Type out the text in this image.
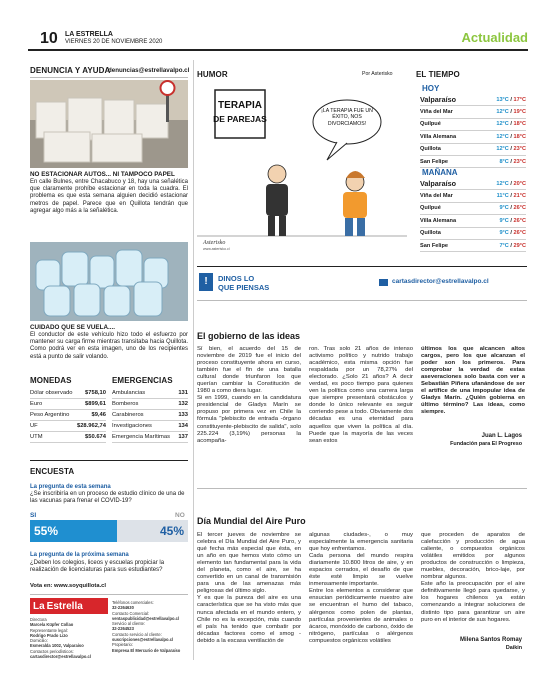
10 LA ESTRELLA
VIERNES 20 DE NOVIEMBRE 2020	Actualidad
DENUNCIA Y AYUDA
denuncias@estrellavalpo.cl
NO ESTACIONAR AUTOS... NI TAMPOCO PAPEL
En calle Bulnes, entre Chacabuco y 18, hay una señalética que claramente prohíbe estacionar en toda la cuadra. El problema es que esta semana alguien decidió estacionar metros de papel. Parece que en Quillota tendrán que agregar algo más a la señalética.
CUIDADO QUE SE VUELA....
El conductor de este vehículo hizo todo el esfuerzo por mantener su carga firme mientras transitaba hacia Quillota. Como podrá ver en esta imagen, uno de los recipientes está a punto de salir volando.
MONEDAS
Dólar observado $758,10
Euro	$899,61
Peso Argentino	$9,46
UF	$28.962,74
UTM	$50.674
EMERGENCIAS
Ambulancias	131
Bomberos	132
Carabineros	133
Investigaciones	134
Emergencia Marítimas 137
ENCUESTA
La pregunta de esta semana
¿Se inscribiría en un proceso de estudio clínico de una de las vacunas para frenar el COVID-19?
SI	NO
55%	45%
La pregunta de la próxima semana
¿Deben los colegios, liceos y escuelas propiciar la realización de licenciaturas para sus estudiantes?
Vota en: www.soyquillota.cl
La Estrella
Directora
Marcela Küpfer Collao
Representante legal:
Rodrigo Prado Lizo
Domicilio:
Esmeralda 1002, Valparaíso
Contactos periodísticos:
cartasdirector@estrellavalpo.cl
Teléfonos comerciales:
32-2264630
Contacto Comercial:
ventaspublicidad@estrellavalpo.cl
Servicio al cliente:
32-2264523
Contacto servicio al cliente:
suscripciones@estrellavalpo.cl
Propietario:
Empresa El Mercurio de Valparaíso
HUMOR	Por Asterisko
TERAPIA
DE PAREJAS
¡LA TERAPIA FUE UN ÉXITO, NOS DIVORCIAMOS!
Asterisko
www.asterisko.cl
EL TIEMPO
HOY
Valparaíso	13°C / 17°C
Viña del Mar	12°C / 19°C
Quilpué	12°C / 18°C
Villa Alemana	12°C / 18°C
Quillota	12°C / 23°C
San Felipe	8°C / 23°C
MAÑANA
Valparaíso	12°C / 20°C
Viña del Mar	11°C / 21°C
Quilpué	9°C / 26°C
Villa Alemana	9°C / 26°C
Quillota	9°C / 26°C
San Felipe	7°C / 29°C
!	DINOS LO
QUE PIENSAS
cartasdirector@estrellavalpo.cl
El gobierno de las ideas
Sí bien, el acuerdo del 15 de noviembre de 2019 fue el inicio del proceso constituyente ahora en curso, también fue el fin de una batalla cultural donde triunfaron los que querían cambiar la Constitución de 1980 a como diera lugar.
Si en 1999, cuando en la candidatura presidencial de Gladys Marín se propuso por primera vez en Chile la fórmula "plebiscito de entrada -órgano constituyente-plebiscito de salida", solo 225.224 (3,19%) personas la acompaña-
ron. Tras solo 21 años de intenso activismo político y nutrido trabajo académico, esta misma opción fue respaldada por un 78,27% del electorado. ¿Solo 21 años? A decir verdad, es poco tiempo para quienes ven la política como una carrera larga que siempre presentará obstáculos y donde lo único relevante es seguir corriendo pese a todo. Obviamente dos décadas es una eternidad para aquellos que viven la política al día. Puede que la mayoría de las veces sean estos
últimos los que alcancen altos cargos, pero los que alcanzan el poder son los primeros. Para comprobar la verdad de estas aseveraciones solo basta con ver a Sebastián Piñera ufanándose de ser el artífice de una impopular idea de Gladys Marín. ¿Quién gobierna en último término? Las ideas, como siempre.
Juan L. Lagos
Fundación para El Progreso
Día Mundial del Aire Puro
El tercer jueves de noviembre se celebra el Día Mundial del Aire Puro, y qué fecha más especial que ésta, en un año en que hemos visto cómo un elemento tan fundamental para la vida del planeta, como el aire, se ha convertido en un canal de transmisión para una de las amenazas más peligrosas del último siglo.
Y es que la pureza del aire es una característica que se ha visto más que nunca afectada en el mundo entero, y Chile no es la excepción, más cuando el país ha tenido que combatir por décadas factores como el smog -debido a la escasa ventilación de
algunas ciudades-, o muy especialmente la emergencia sanitaria que hoy enfrentamos.
Cada persona del mundo respira diariamente 10.800 litros de aire, y en espacios cerrados, el desafío de que éste esté limpio se vuelve inmensamente importante.
Entre los elementos a considerar que ensucian periódicamente nuestro aire se encuentran el humo del tabaco, alérgenos como polen de plantas, partículas provenientes de animales o ácaros, monóxido de carbono, óxido de nitrógeno, partículas o alérgenos compuestos orgánicos volátiles
que proceden de aparatos de calefacción y producción de agua caliente, o compuestos orgánicos volátiles emitidos por algunos productos de construcción o limpieza, muebles, decoración, brico-laje, por nombrar algunos.
Este año la preocupación por el aire definitivamente llegó para quedarse, y los hogares chilenos ya están comenzando a integrar soluciones de distinto tipo para garantizar un aire puro en el interior de sus hogares.
Milena Santos Romay
Daikin
